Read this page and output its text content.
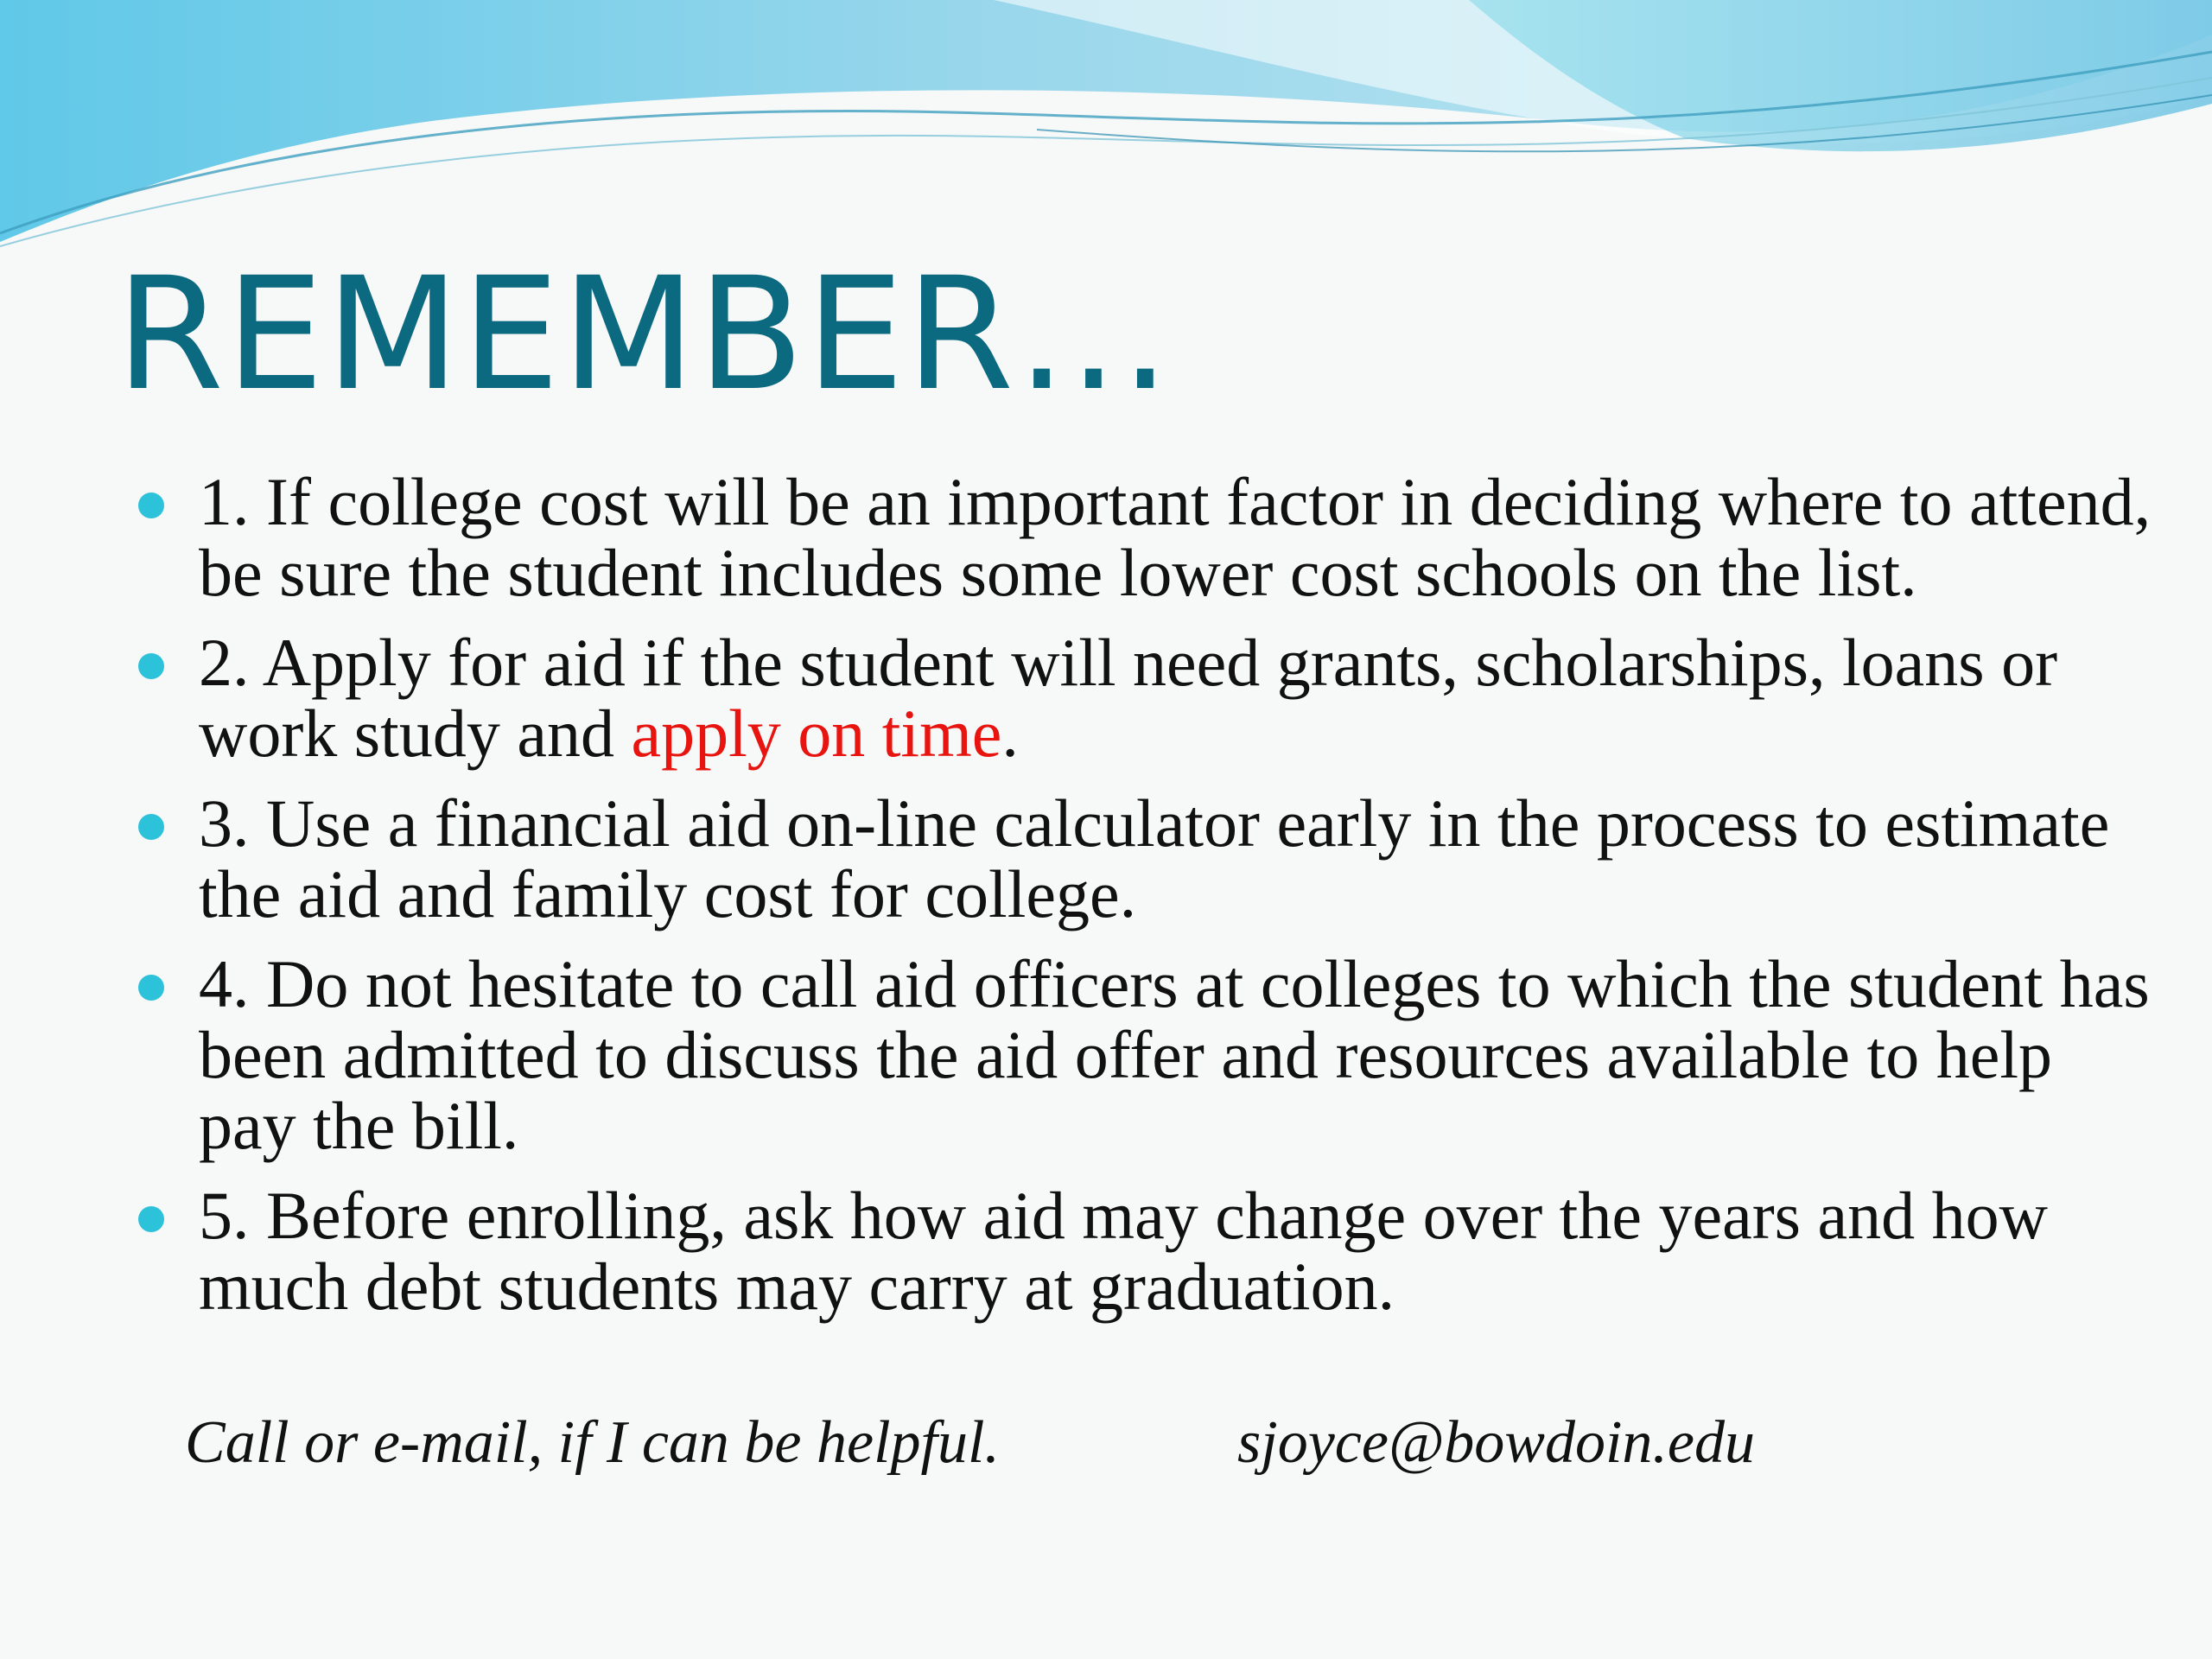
REMEMBER…
1. If college cost will be an important factor in deciding where to attend, be sure the student includes some lower cost schools on the list.
2. Apply for aid if the student will need grants, scholarships, loans or work study and apply on time.
3. Use a financial aid on-line calculator early in the process to estimate the aid and family cost for college.
4. Do not hesitate to call aid officers at colleges to which the student has been admitted to discuss the aid offer and resources available to help pay the bill.
5. Before enrolling, ask how aid may change over the years and how much debt students may carry at graduation.
Call or e-mail, if I can be helpful.	sjoyce@bowdoin.edu
